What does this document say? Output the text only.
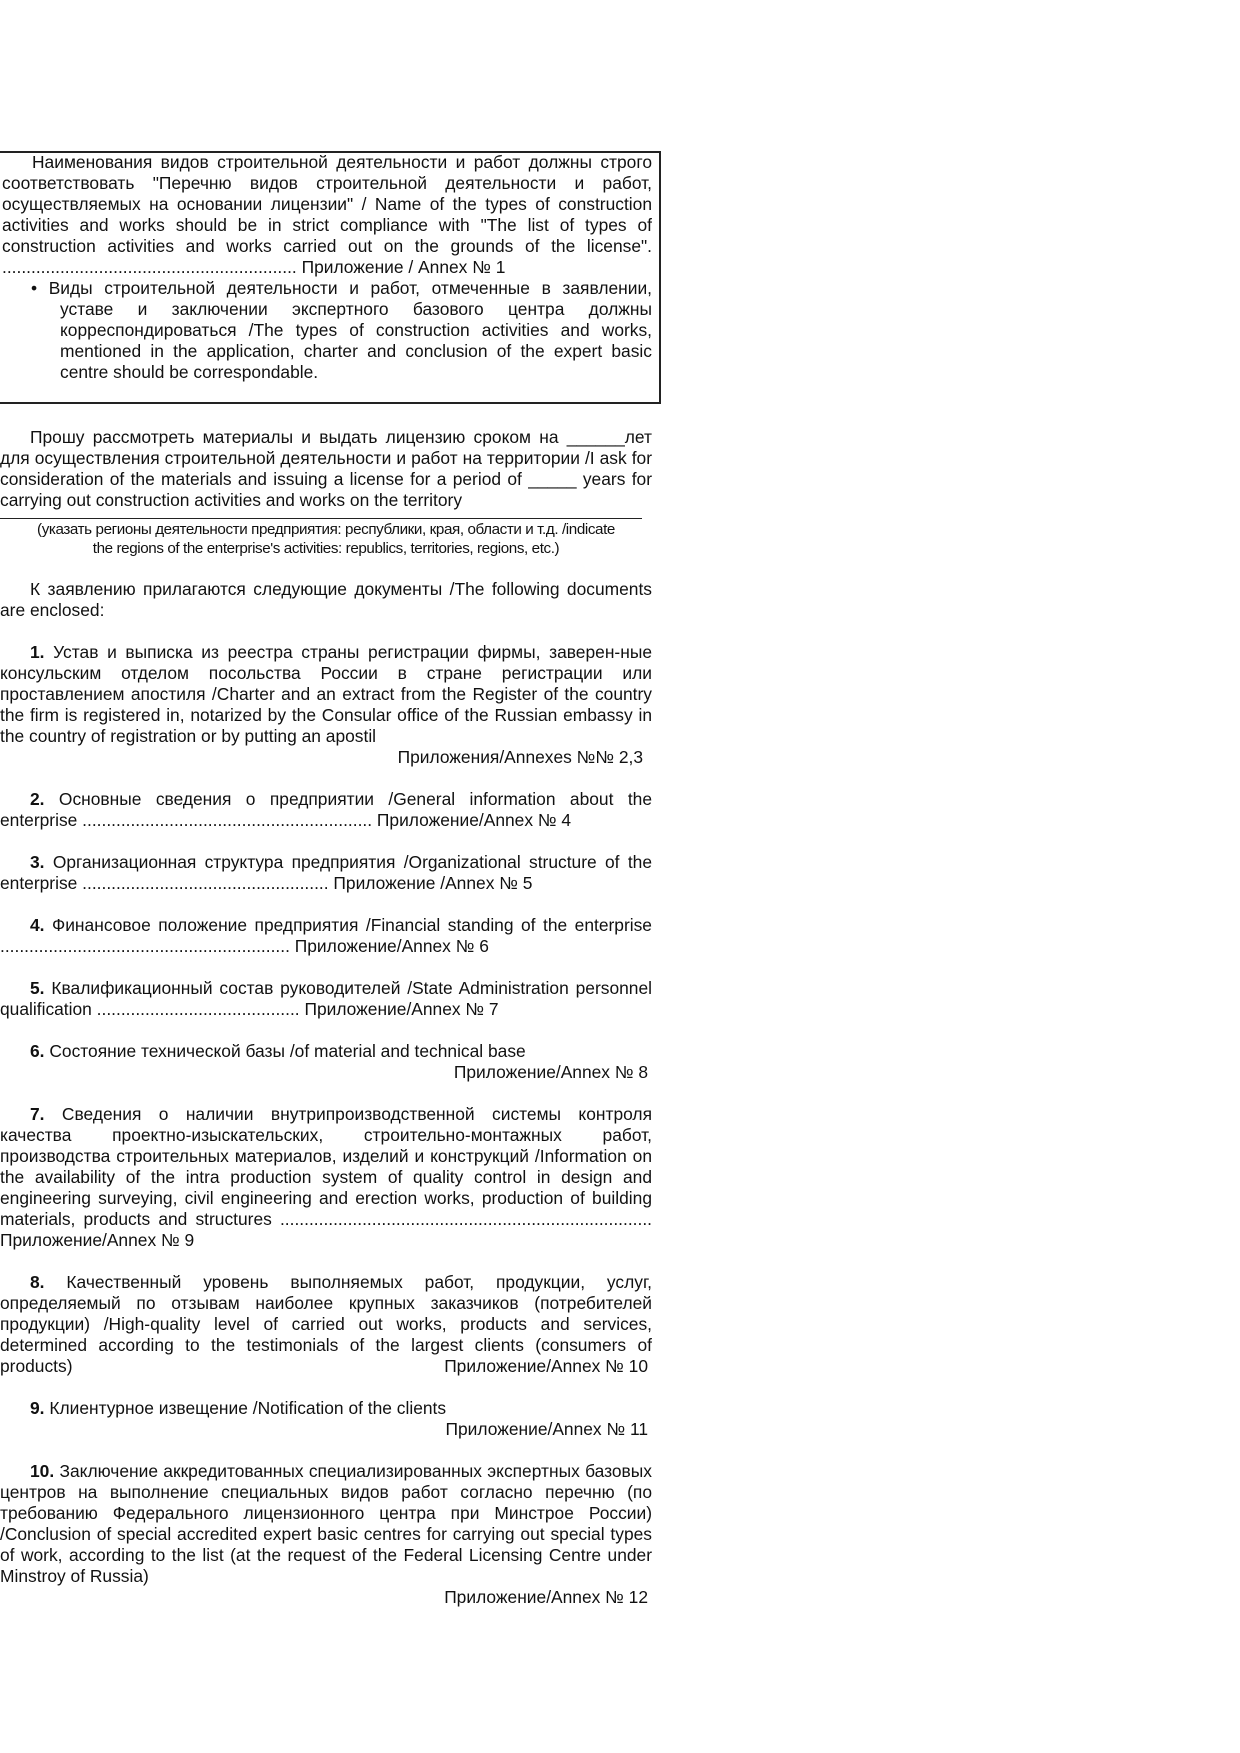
Наименования видов строительной деятельности и работ должны строго соответствовать "Перечню видов строительной деятельности и работ, осуществляемых на основании лицензии" / Name of the types of construction activities and works should be in strict compliance with "The list of types of construction activities and works carried out on the grounds of the license". ............................................................. Приложение / Annex № 1

• Виды строительной деятельности и работ, отмеченные в заявлении, уставе и заключении экспертного базового центра должны корреспондироваться /The types of construction activities and works, mentioned in the application, charter and conclusion of the expert basic centre should be correspondable.

Прошу рассмотреть материалы и выдать лицензию сроком на ______лет для осуществления строительной деятельности и работ на территории /I ask for consideration of the materials and issuing a license for a period of _____ years for carrying out construction activities and works on the territory

(указать регионы деятельности предприятия: республики, края, области и т.д. /indicate

the regions of the enterprise's activities: republics, territories, regions, etc.)

К заявлению прилагаются следующие документы /The following documents are enclosed:

1. Устав и выписка из реестра страны регистрации фирмы, заверен-ные консульским отделом посольства России в стране регистрации или проставлением апостиля /Charter and an extract from the Register of the country the firm is registered in, notarized by the Consular office of the Russian embassy in the country of registration or by putting an apostil

Приложения/Annexes №№ 2,3

2. Основные сведения о предприятии /General information about the enterprise ............................................................ Приложение/Annex № 4

3. Организационная структура предприятия /Organizational structure of the enterprise ................................................... Приложение /Annex № 5

4. Финансовое положение предприятия /Financial standing of the enterprise ............................................................ Приложение/Annex № 6

5. Квалификационный состав руководителей /State Administration personnel qualification .......................................... Приложение/Annex № 7

6. Состояние технической базы /of material and technical base

Приложение/Annex № 8

7. Сведения о наличии внутрипроизводственной системы контроля качества проектно-изыскательских, строительно-монтажных работ, производства строительных материалов, изделий и конструкций /Information on the availability of the intra production system of quality control in design and engineering surveying, civil engineering and erection works, production of building materials, products and structures ............................................................................. Приложение/Annex № 9

8. Качественный уровень выполняемых работ, продукции, услуг, определяемый по отзывам наиболее крупных заказчиков (потребителей продукции) /High-quality level of carried out works, products and services, determined according to the testimonials of the largest clients (consumers of products)	Приложение/Annex № 10

9. Клиентурное извещение /Notification of the clients

Приложение/Annex № 11

10. Заключение аккредитованных специализированных экспертных базовых центров на выполнение специальных видов работ согласно перечню (по требованию Федерального лицензионного центра при Минстрое России) /Conclusion of special accredited expert basic centres for carrying out special types of work, according to the list (at the request of the Federal Licensing Centre under Minstroy of Russia)

Приложение/Annex № 12
